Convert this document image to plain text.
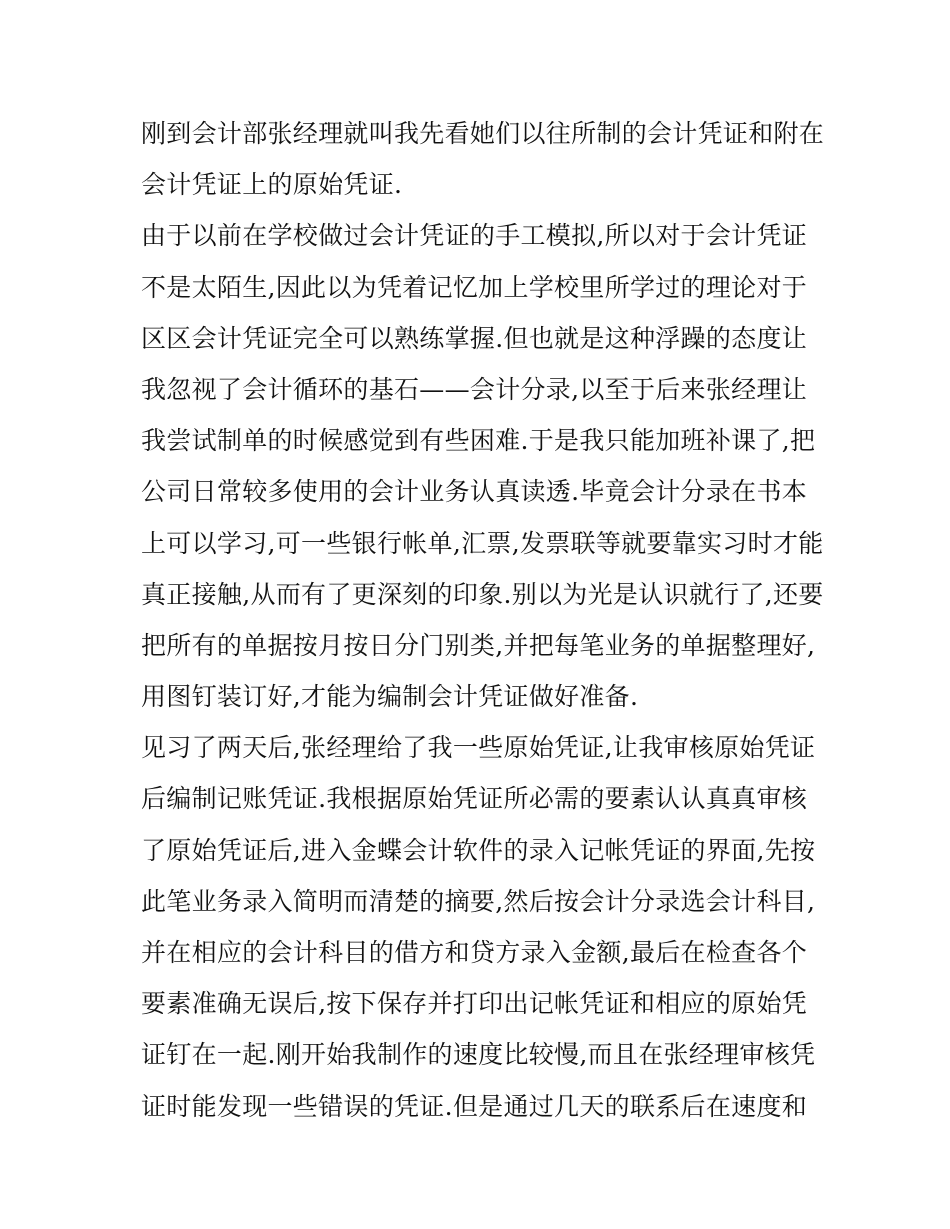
刚到会计部张经理就叫我先看她们以往所制的会计凭证和附在
会计凭证上的原始凭证.
由于以前在学校做过会计凭证的手工模拟,所以对于会计凭证
不是太陌生,因此以为凭着记忆加上学校里所学过的理论对于
区区会计凭证完全可以熟练掌握.但也就是这种浮躁的态度让
我忽视了会计循环的基石——会计分录,以至于后来张经理让
我尝试制单的时候感觉到有些困难.于是我只能加班补课了,把
公司日常较多使用的会计业务认真读透.毕竟会计分录在书本
上可以学习,可一些银行帐单,汇票,发票联等就要靠实习时才能
真正接触,从而有了更深刻的印象.别以为光是认识就行了,还要
把所有的单据按月按日分门别类,并把每笔业务的单据整理好,
用图钉装订好,才能为编制会计凭证做好准备.
见习了两天后,张经理给了我一些原始凭证,让我审核原始凭证
后编制记账凭证.我根据原始凭证所必需的要素认认真真审核
了原始凭证后,进入金蝶会计软件的录入记帐凭证的界面,先按
此笔业务录入简明而清楚的摘要,然后按会计分录选会计科目,
并在相应的会计科目的借方和贷方录入金额,最后在检查各个
要素准确无误后,按下保存并打印出记帐凭证和相应的原始凭
证钉在一起.刚开始我制作的速度比较慢,而且在张经理审核凭
证时能发现一些错误的凭证.但是通过几天的联系后在速度和
